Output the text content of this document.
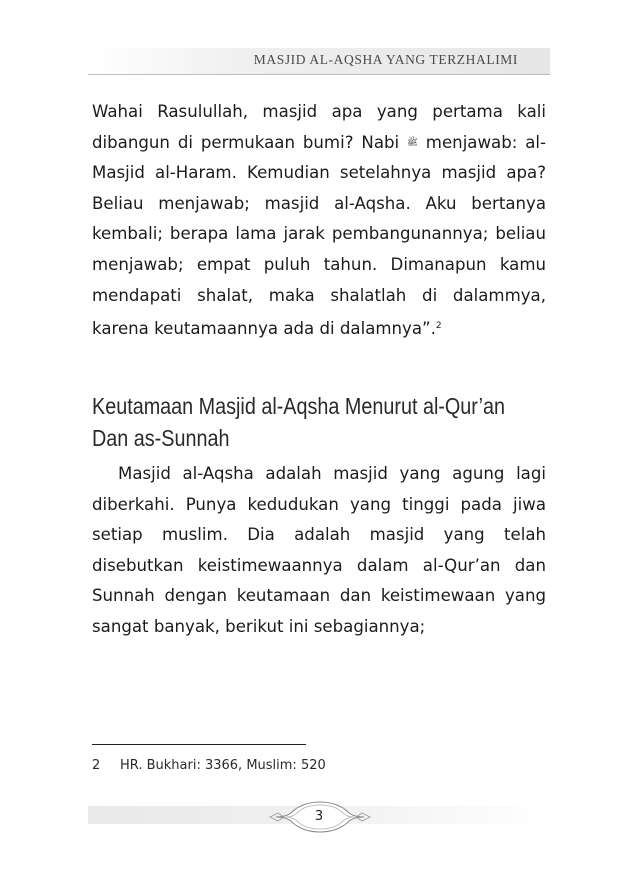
MASJID AL-AQSHA YANG TERZHALIMI

Wahai Rasulullah, masjid apa yang pertama kali dibangun di permukaan bumi? Nabi ﷺ menjawab: al-Masjid al-Haram. Kemudian setelahnya masjid apa? Beliau menjawab; masjid al-Aqsha. Aku bertanya kembali; berapa lama jarak pembangunannya; beliau menjawab; empat puluh tahun. Dimanapun kamu mendapati shalat, maka shalatlah di dalammya, karena keutamaannya ada di dalamnya”.$^2$

Keutamaan Masjid al-Aqsha Menurut al-Qur’an
Dan as-Sunnah

Masjid al-Aqsha adalah masjid yang agung lagi diberkahi. Punya kedudukan yang tinggi pada jiwa setiap muslim. Dia adalah masjid yang telah disebutkan keistimewaannya dalam al-Qur’an dan Sunnah dengan keutamaan dan keistimewaan yang sangat banyak, berikut ini sebagiannya;

2 HR. Bukhari: 3366, Muslim: 520
3
